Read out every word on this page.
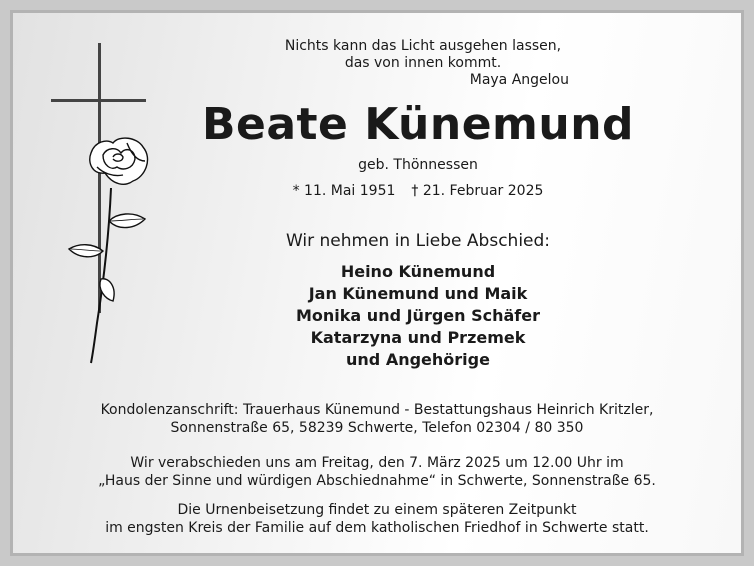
Nichts kann das Licht ausgehen lassen,
das von innen kommt.
Maya Angelou
Beate Künemund
geb. Thönnessen
* 11. Mai 1951 † 21. Februar 2025
Wir nehmen in Liebe Abschied:
Heino Künemund
Jan Künemund und Maik
Monika und Jürgen Schäfer
Katarzyna und Przemek
und Angehörige
Kondolenzanschrift: Trauerhaus Künemund - Bestattungshaus Heinrich Kritzler,
Sonnenstraße 65, 58239 Schwerte, Telefon 02304 / 80 350
Wir verabschieden uns am Freitag, den 7. März 2025 um 12.00 Uhr im
„Haus der Sinne und würdigen Abschiednahme“ in Schwerte, Sonnenstraße 65.
Die Urnenbeisetzung findet zu einem späteren Zeitpunkt
im engsten Kreis der Familie auf dem katholischen Friedhof in Schwerte statt.
